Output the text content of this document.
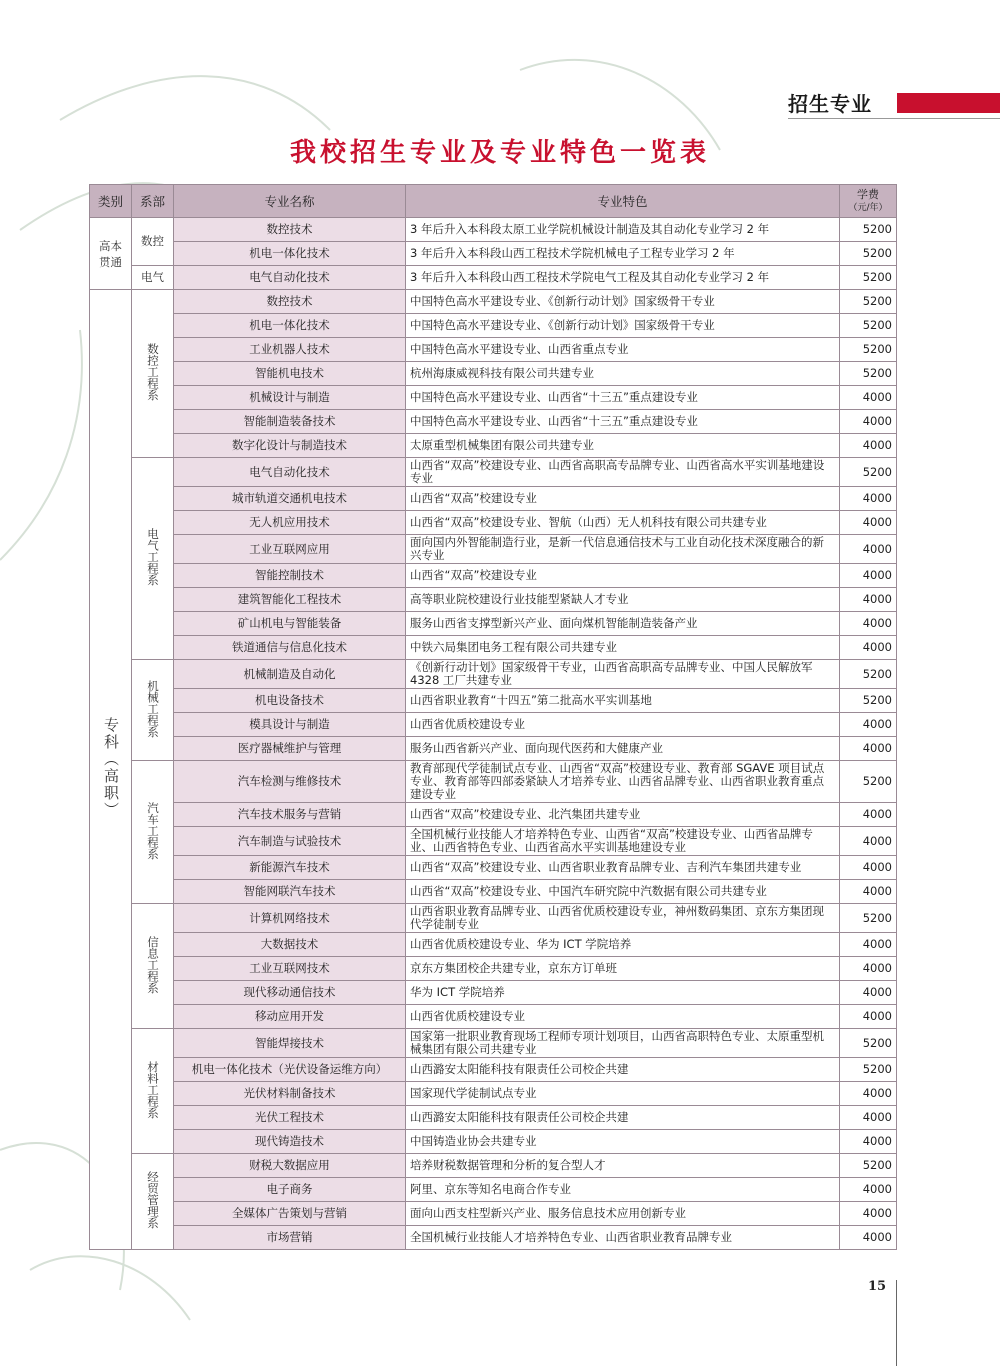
招生专业
我校招生专业及专业特色一览表
类别	系部	专业名称	专业特色	学费
（元/年）
高本贯通	数控	数控技术	3 年后升入本科段太原工业学院机械设计制造及其自动化专业学习 2 年	5200
		机电一体化技术	3 年后升入本科段山西工程技术学院机械电子工程专业学习 2 年	5200
	电气	电气自动化技术	3 年后升入本科段山西工程技术学院电气工程及其自动化专业学习 2 年	5200
专科（高职）	数控工程系	数控技术	中国特色高水平建设专业、《创新行动计划》国家级骨干专业	5200
		机电一体化技术	中国特色高水平建设专业、《创新行动计划》国家级骨干专业	5200
		工业机器人技术	中国特色高水平建设专业、山西省重点专业	5200
		智能机电技术	杭州海康威视科技有限公司共建专业	5200
		机械设计与制造	中国特色高水平建设专业、山西省“十三五”重点建设专业	4000
		智能制造装备技术	中国特色高水平建设专业、山西省“十三五”重点建设专业	4000
		数字化设计与制造技术	太原重型机械集团有限公司共建专业	4000
	电气工程系	电气自动化技术	山西省“双高”校建设专业、山西省高职高专品牌专业、山西省高水平实训基地建设专业	5200
		城市轨道交通机电技术	山西省“双高”校建设专业	4000
		无人机应用技术	山西省“双高”校建设专业、智航（山西）无人机科技有限公司共建专业	4000
		工业互联网应用	面向国内外智能制造行业，是新一代信息通信技术与工业自动化技术深度融合的新兴专业	4000
		智能控制技术	山西省“双高”校建设专业	4000
		建筑智能化工程技术	高等职业院校建设行业技能型紧缺人才专业	4000
		矿山机电与智能装备	服务山西省支撑型新兴产业、面向煤机智能制造装备产业	4000
		铁道通信与信息化技术	中铁六局集团电务工程有限公司共建专业	4000
	机械工程系	机械制造及自动化	《创新行动计划》国家级骨干专业，山西省高职高专品牌专业、中国人民解放军 4328 工厂共建专业	5200
		机电设备技术	山西省职业教育“十四五”第二批高水平实训基地	5200
		模具设计与制造	山西省优质校建设专业	4000
		医疗器械维护与管理	服务山西省新兴产业、面向现代医药和大健康产业	4000
	汽车工程系	汽车检测与维修技术	教育部现代学徒制试点专业、山西省“双高”校建设专业、教育部 SGAVE 项目试点专业、教育部等四部委紧缺人才培养专业、山西省品牌专业、山西省职业教育重点建设专业	5200
		汽车技术服务与营销	山西省“双高”校建设专业、北汽集团共建专业	4000
		汽车制造与试验技术	全国机械行业技能人才培养特色专业、山西省“双高”校建设专业、山西省品牌专业、山西省特色专业、山西省高水平实训基地建设专业	4000
		新能源汽车技术	山西省“双高”校建设专业、山西省职业教育品牌专业、吉利汽车集团共建专业	4000
		智能网联汽车技术	山西省“双高”校建设专业、中国汽车研究院中汽数据有限公司共建专业	4000
	信息工程系	计算机网络技术	山西省职业教育品牌专业、山西省优质校建设专业，神州数码集团、京东方集团现代学徒制专业	5200
		大数据技术	山西省优质校建设专业、华为 ICT 学院培养	4000
		工业互联网技术	京东方集团校企共建专业，京东方订单班	4000
		现代移动通信技术	华为 ICT 学院培养	4000
		移动应用开发	山西省优质校建设专业	4000
	材料工程系	智能焊接技术	国家第一批职业教育现场工程师专项计划项目，山西省高职特色专业、太原重型机械集团有限公司共建专业	5200
		机电一体化技术（光伏设备运维方向）	山西潞安太阳能科技有限责任公司校企共建	5200
		光伏材料制备技术	国家现代学徒制试点专业	4000
		光伏工程技术	山西潞安太阳能科技有限责任公司校企共建	4000
		现代铸造技术	中国铸造业协会共建专业	4000
	经贸管理系	财税大数据应用	培养财税数据管理和分析的复合型人才	5200
		电子商务	阿里、京东等知名电商合作专业	4000
		全媒体广告策划与营销	面向山西支柱型新兴产业、服务信息技术应用创新专业	4000
		市场营销	全国机械行业技能人才培养特色专业、山西省职业教育品牌专业	4000
15
